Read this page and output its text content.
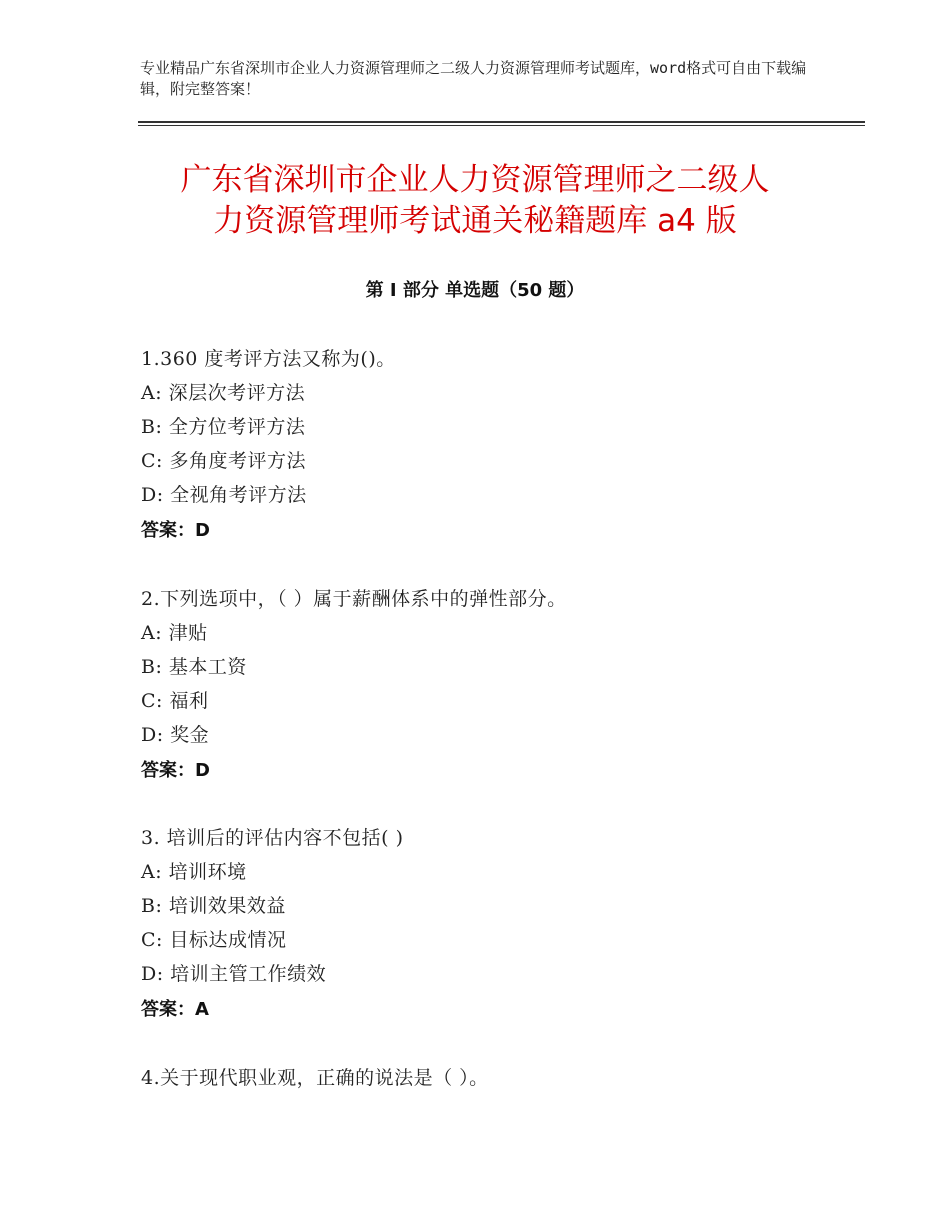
专业精品广东省深圳市企业人力资源管理师之二级人力资源管理师考试题库，word格式可自由下载编辑，附完整答案！
广东省深圳市企业人力资源管理师之二级人
力资源管理师考试通关秘籍题库 a4 版
第 I 部分 单选题（50 题）
1.360 度考评方法又称为()。
A: 深层次考评方法
B: 全方位考评方法
C: 多角度考评方法
D: 全视角考评方法
答案：D
2.下列选项中，（ ）属于薪酬体系中的弹性部分。
A: 津贴
B: 基本工资
C: 福利
D: 奖金
答案：D
3. 培训后的评估内容不包括( )
A: 培训环境
B: 培训效果效益
C: 目标达成情况
D: 培训主管工作绩效
答案：A
4.关于现代职业观，正确的说法是（ ）。
